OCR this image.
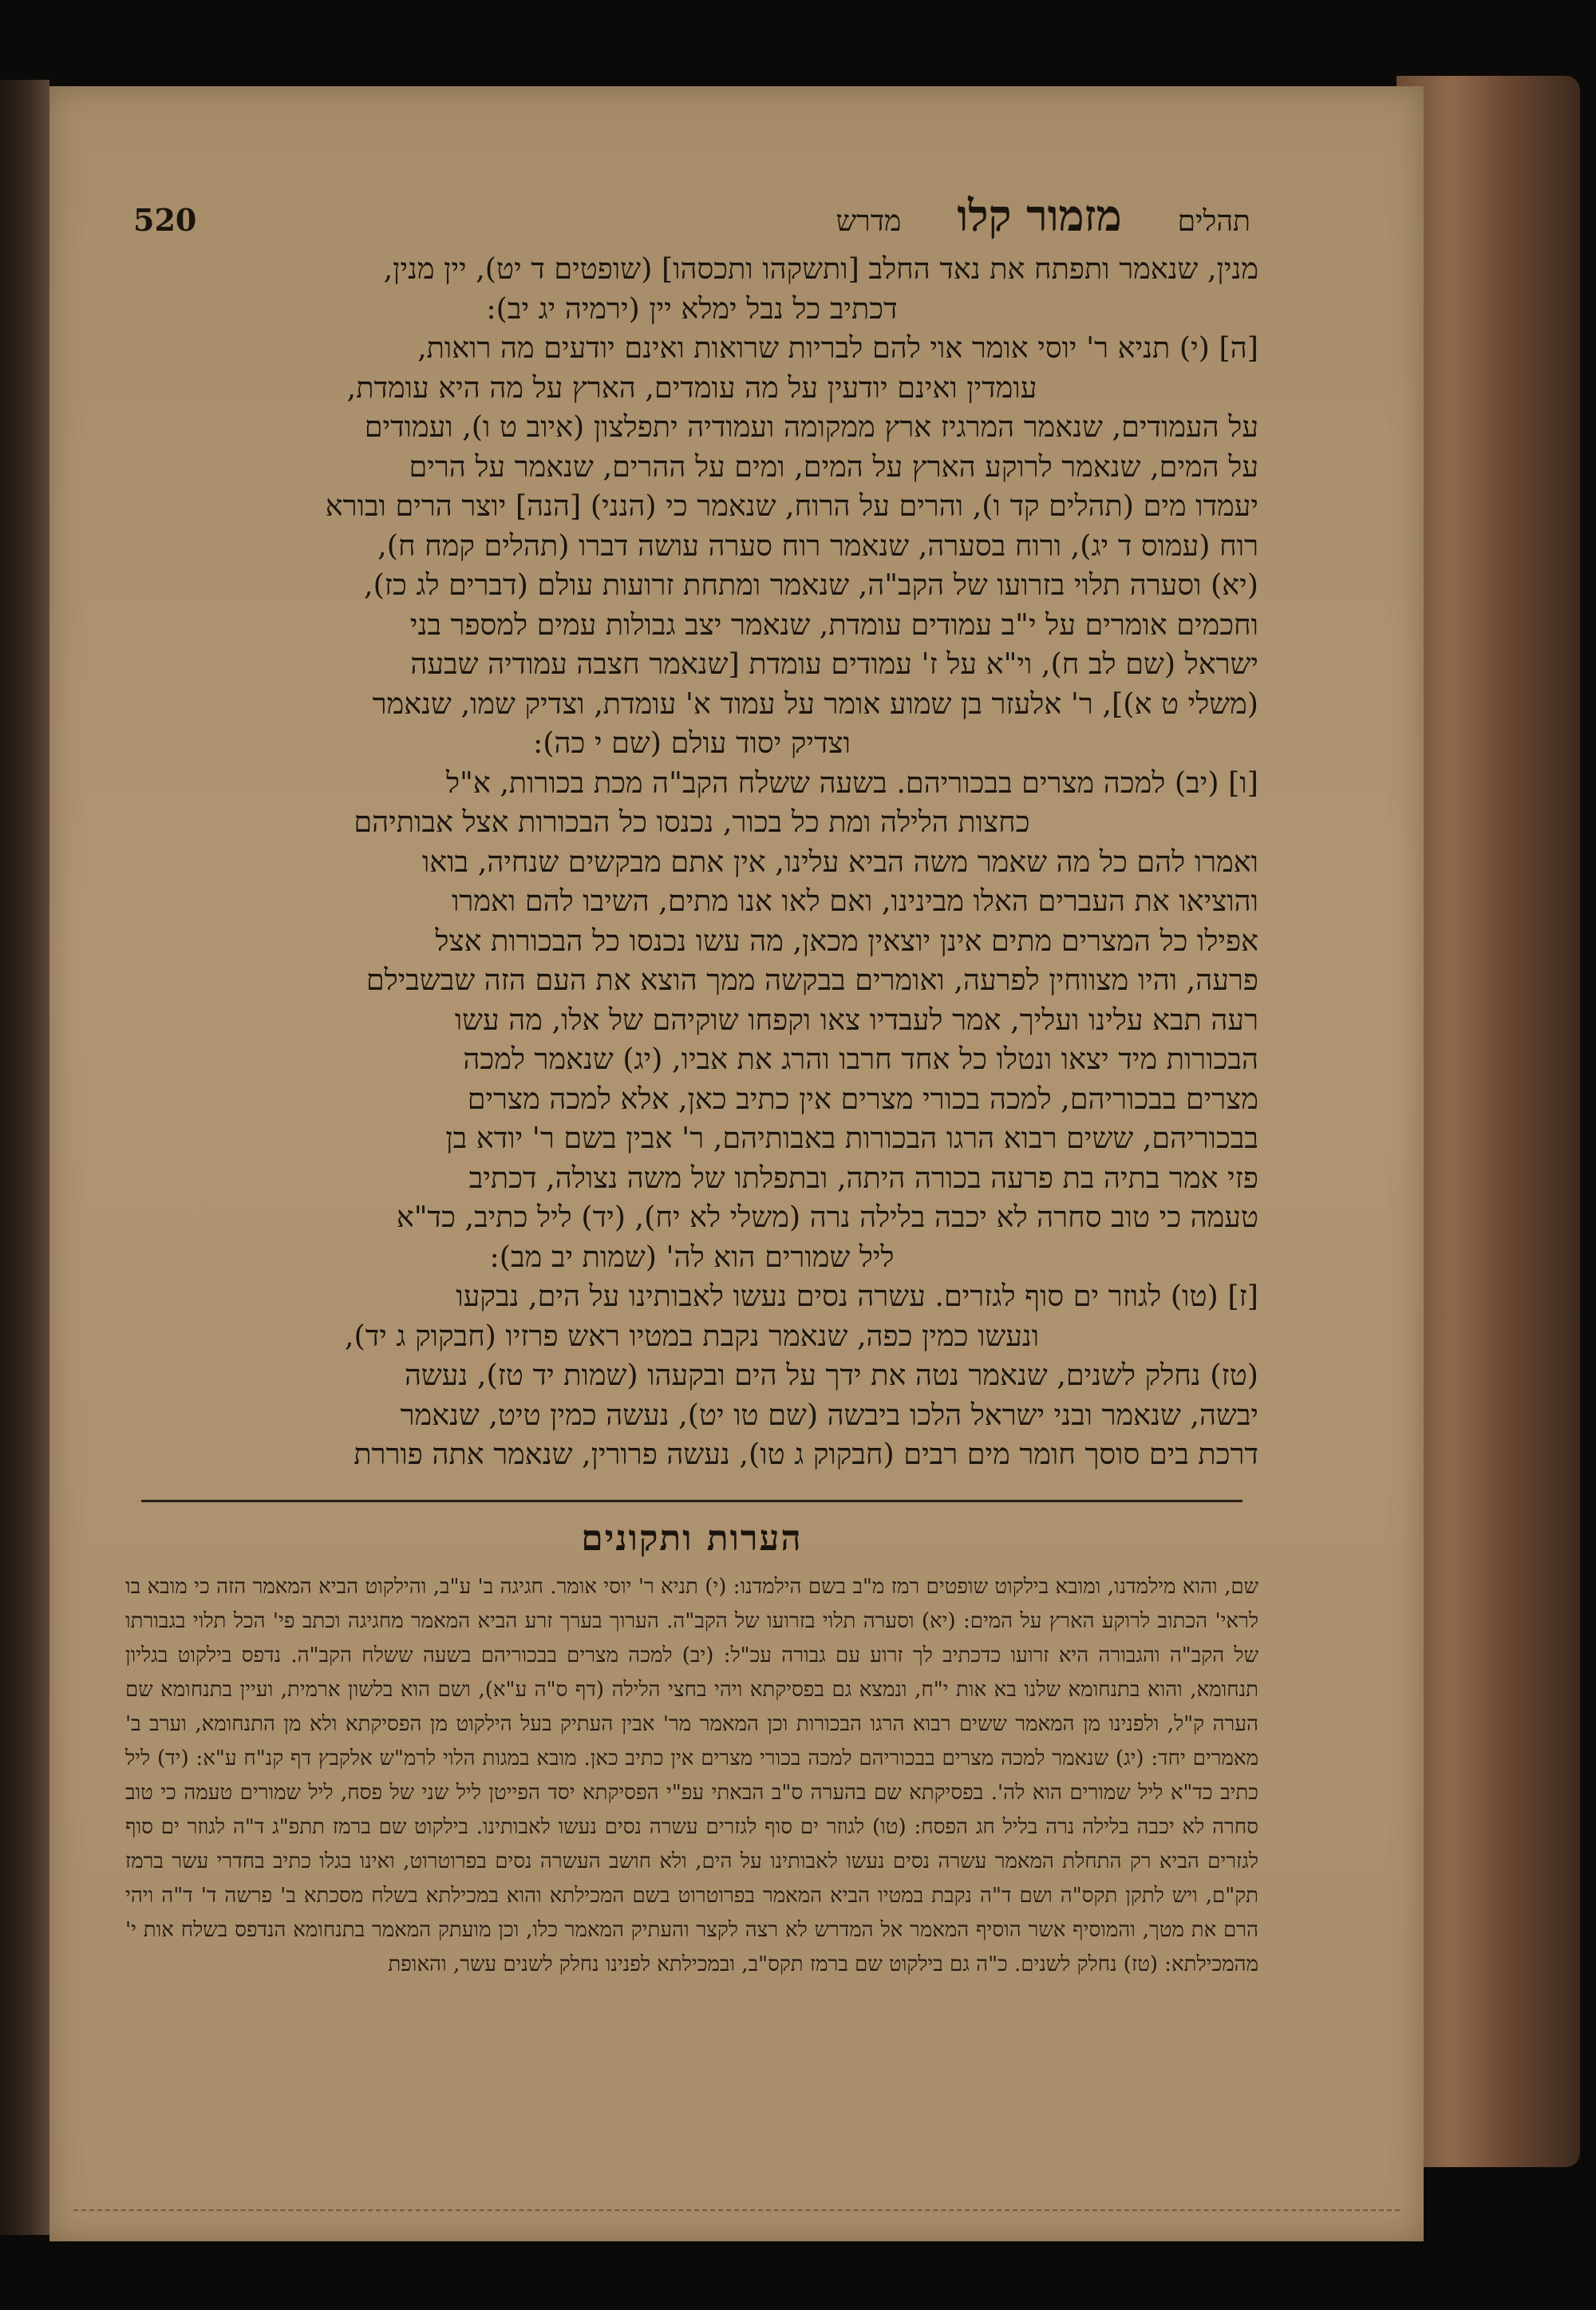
520	תהלים
מזמור קלו
מדרש

מנין, שנאמר ותפתח את נאד החלב [ותשקהו ותכסהו] (שופטים ד יט), יין מנין,

דכתיב כל נבל ימלא יין (ירמיה יג יב):

[ה] (י) תניא ר' יוסי אומר אוי להם לבריות שרואות ואינם יודעים מה רואות,

עומדין ואינם יודעין על מה עומדים, הארץ על מה היא עומדת,

על העמודים, שנאמר המרגיז ארץ ממקומה ועמודיה יתפלצון (איוב ט ו), ועמודים

על המים, שנאמר לרוקע הארץ על המים, ומים על ההרים, שנאמר על הרים

יעמדו מים (תהלים קד ו), והרים על הרוח, שנאמר כי (הנני) [הנה] יוצר הרים ובורא

רוח (עמוס ד יג), ורוח בסערה, שנאמר רוח סערה עושה דברו (תהלים קמח ח),

(יא) וסערה תלוי בזרועו של הקב"ה, שנאמר ומתחת זרועות עולם (דברים לג כז),

וחכמים אומרים על י"ב עמודים עומדת, שנאמר יצב גבולות עמים למספר בני

ישראל (שם לב ח), וי"א על ז' עמודים עומדת [שנאמר חצבה עמודיה שבעה

(משלי ט א)], ר' אלעזר בן שמוע אומר על עמוד א' עומדת, וצדיק שמו, שנאמר

וצדיק יסוד עולם (שם י כה):

[ו] (יב) למכה מצרים בבכוריהם. בשעה ששלח הקב"ה מכת בכורות, א"ל

כחצות הלילה ומת כל בכור, נכנסו כל הבכורות אצל אבותיהם

ואמרו להם כל מה שאמר משה הביא עלינו, אין אתם מבקשים שנחיה, בואו

והוציאו את העברים האלו מבינינו, ואם לאו אנו מתים, השיבו להם ואמרו

אפילו כל המצרים מתים אינן יוצאין מכאן, מה עשו נכנסו כל הבכורות אצל

פרעה, והיו מצווחין לפרעה, ואומרים בבקשה ממך הוצא את העם הזה שבשבילם

רעה תבא עלינו ועליך, אמר לעבדיו צאו וקפחו שוקיהם של אלו, מה עשו

הבכורות מיד יצאו ונטלו כל אחד חרבו והרג את אביו, (יג) שנאמר למכה

מצרים בבכוריהם, למכה בכורי מצרים אין כתיב כאן, אלא למכה מצרים

בבכוריהם, ששים רבוא הרגו הבכורות באבותיהם, ר' אבין בשם ר' יודא בן

פזי אמר בתיה בת פרעה בכורה היתה, ובתפלתו של משה נצולה, דכתיב

טעמה כי טוב סחרה לא יכבה בלילה נרה (משלי לא יח), (יד) ליל כתיב, כד"א

ליל שמורים הוא לה' (שמות יב מב):

[ז] (טו) לגוזר ים סוף לגזרים. עשרה נסים נעשו לאבותינו על הים, נבקעו

ונעשו כמין כפה, שנאמר נקבת במטיו ראש פרזיו (חבקוק ג יד),

(טז) נחלק לשנים, שנאמר נטה את ידך על הים ובקעהו (שמות יד טז), נעשה

יבשה, שנאמר ובני ישראל הלכו ביבשה (שם טו יט), נעשה כמין טיט, שנאמר

דרכת בים סוסך חומר מים רבים (חבקוק ג טו), נעשה פרורין, שנאמר אתה פוררת

הערות ותקונים
שם, והוא מילמדנו, ומובא בילקוט שופטים רמז מ"ב בשם הילמדנו: (י) תניא ר' יוסי אומר. חגיגה ב' ע"ב, והילקוט הביא המאמר הזה כי מובא בו לראי' הכתוב לרוקע הארץ על המים: (יא) וסערה תלוי בזרועו של הקב"ה. הערוך בערך זרע הביא המאמר מחגיגה וכתב פי' הכל תלוי בגבורתו של הקב"ה והגבורה היא זרועו כדכתיב לך זרוע עם גבורה עכ"ל: (יב) למכה מצרים בבכוריהם בשעה ששלח הקב"ה. נדפס בילקוט בגליון תנחומא, והוא בתנחומא שלנו בא אות י"ח, ונמצא גם בפסיקתא ויהי בחצי הלילה (דף ס"ה ע"א), ושם הוא בלשון ארמית, ועיין בתנחומא שם הערה ק"ל, ולפנינו מן המאמר ששים רבוא הרגו הבכורות וכן המאמר מר' אבין העתיק בעל הילקוט מן הפסיקתא ולא מן התנחומא, וערב ב' מאמרים יחד: (יג) שנאמר למכה מצרים בבכוריהם למכה בכורי מצרים אין כתיב כאן. מובא במגות הלוי לרמ"ש אלקבץ דף קנ"ח ע"א: (יד) ליל כתיב כד"א ליל שמורים הוא לה'. בפסיקתא שם בהערה ס"ב הבאתי עפ"י הפסיקתא יסד הפייטן ליל שני של פסח, ליל שמורים טעמה כי טוב סחרה לא יכבה בלילה נרה בליל חג הפסח: (טו) לגוזר ים סוף לגזרים עשרה נסים נעשו לאבותינו. בילקוט שם ברמז תתפ"ג ד"ה לגוזר ים סוף לגזרים הביא רק התחלת המאמר עשרה נסים נעשו לאבותינו על הים, ולא חושב העשרה נסים בפרוטרוט, ואינו בגלו כתיב בחדרי עשר ברמז תק"ם, ויש לתקן תקס"ה ושם ד"ה נקבת במטיו הביא המאמר בפרוטרוט בשם המכילתא והוא במכילתא בשלח מסכתא ב' פרשה ד' ד"ה ויהי הרם את מטך, והמוסיף אשר הוסיף המאמר אל המדרש לא רצה לקצר והעתיק המאמר כלו, וכן מועתק המאמר בתנחומא הנדפס בשלח אות י' מהמכילתא: (טז) נחלק לשנים. כ"ה גם בילקוט שם ברמז תקס"ב, ובמכילתא לפנינו נחלק לשנים עשר, והאופת
